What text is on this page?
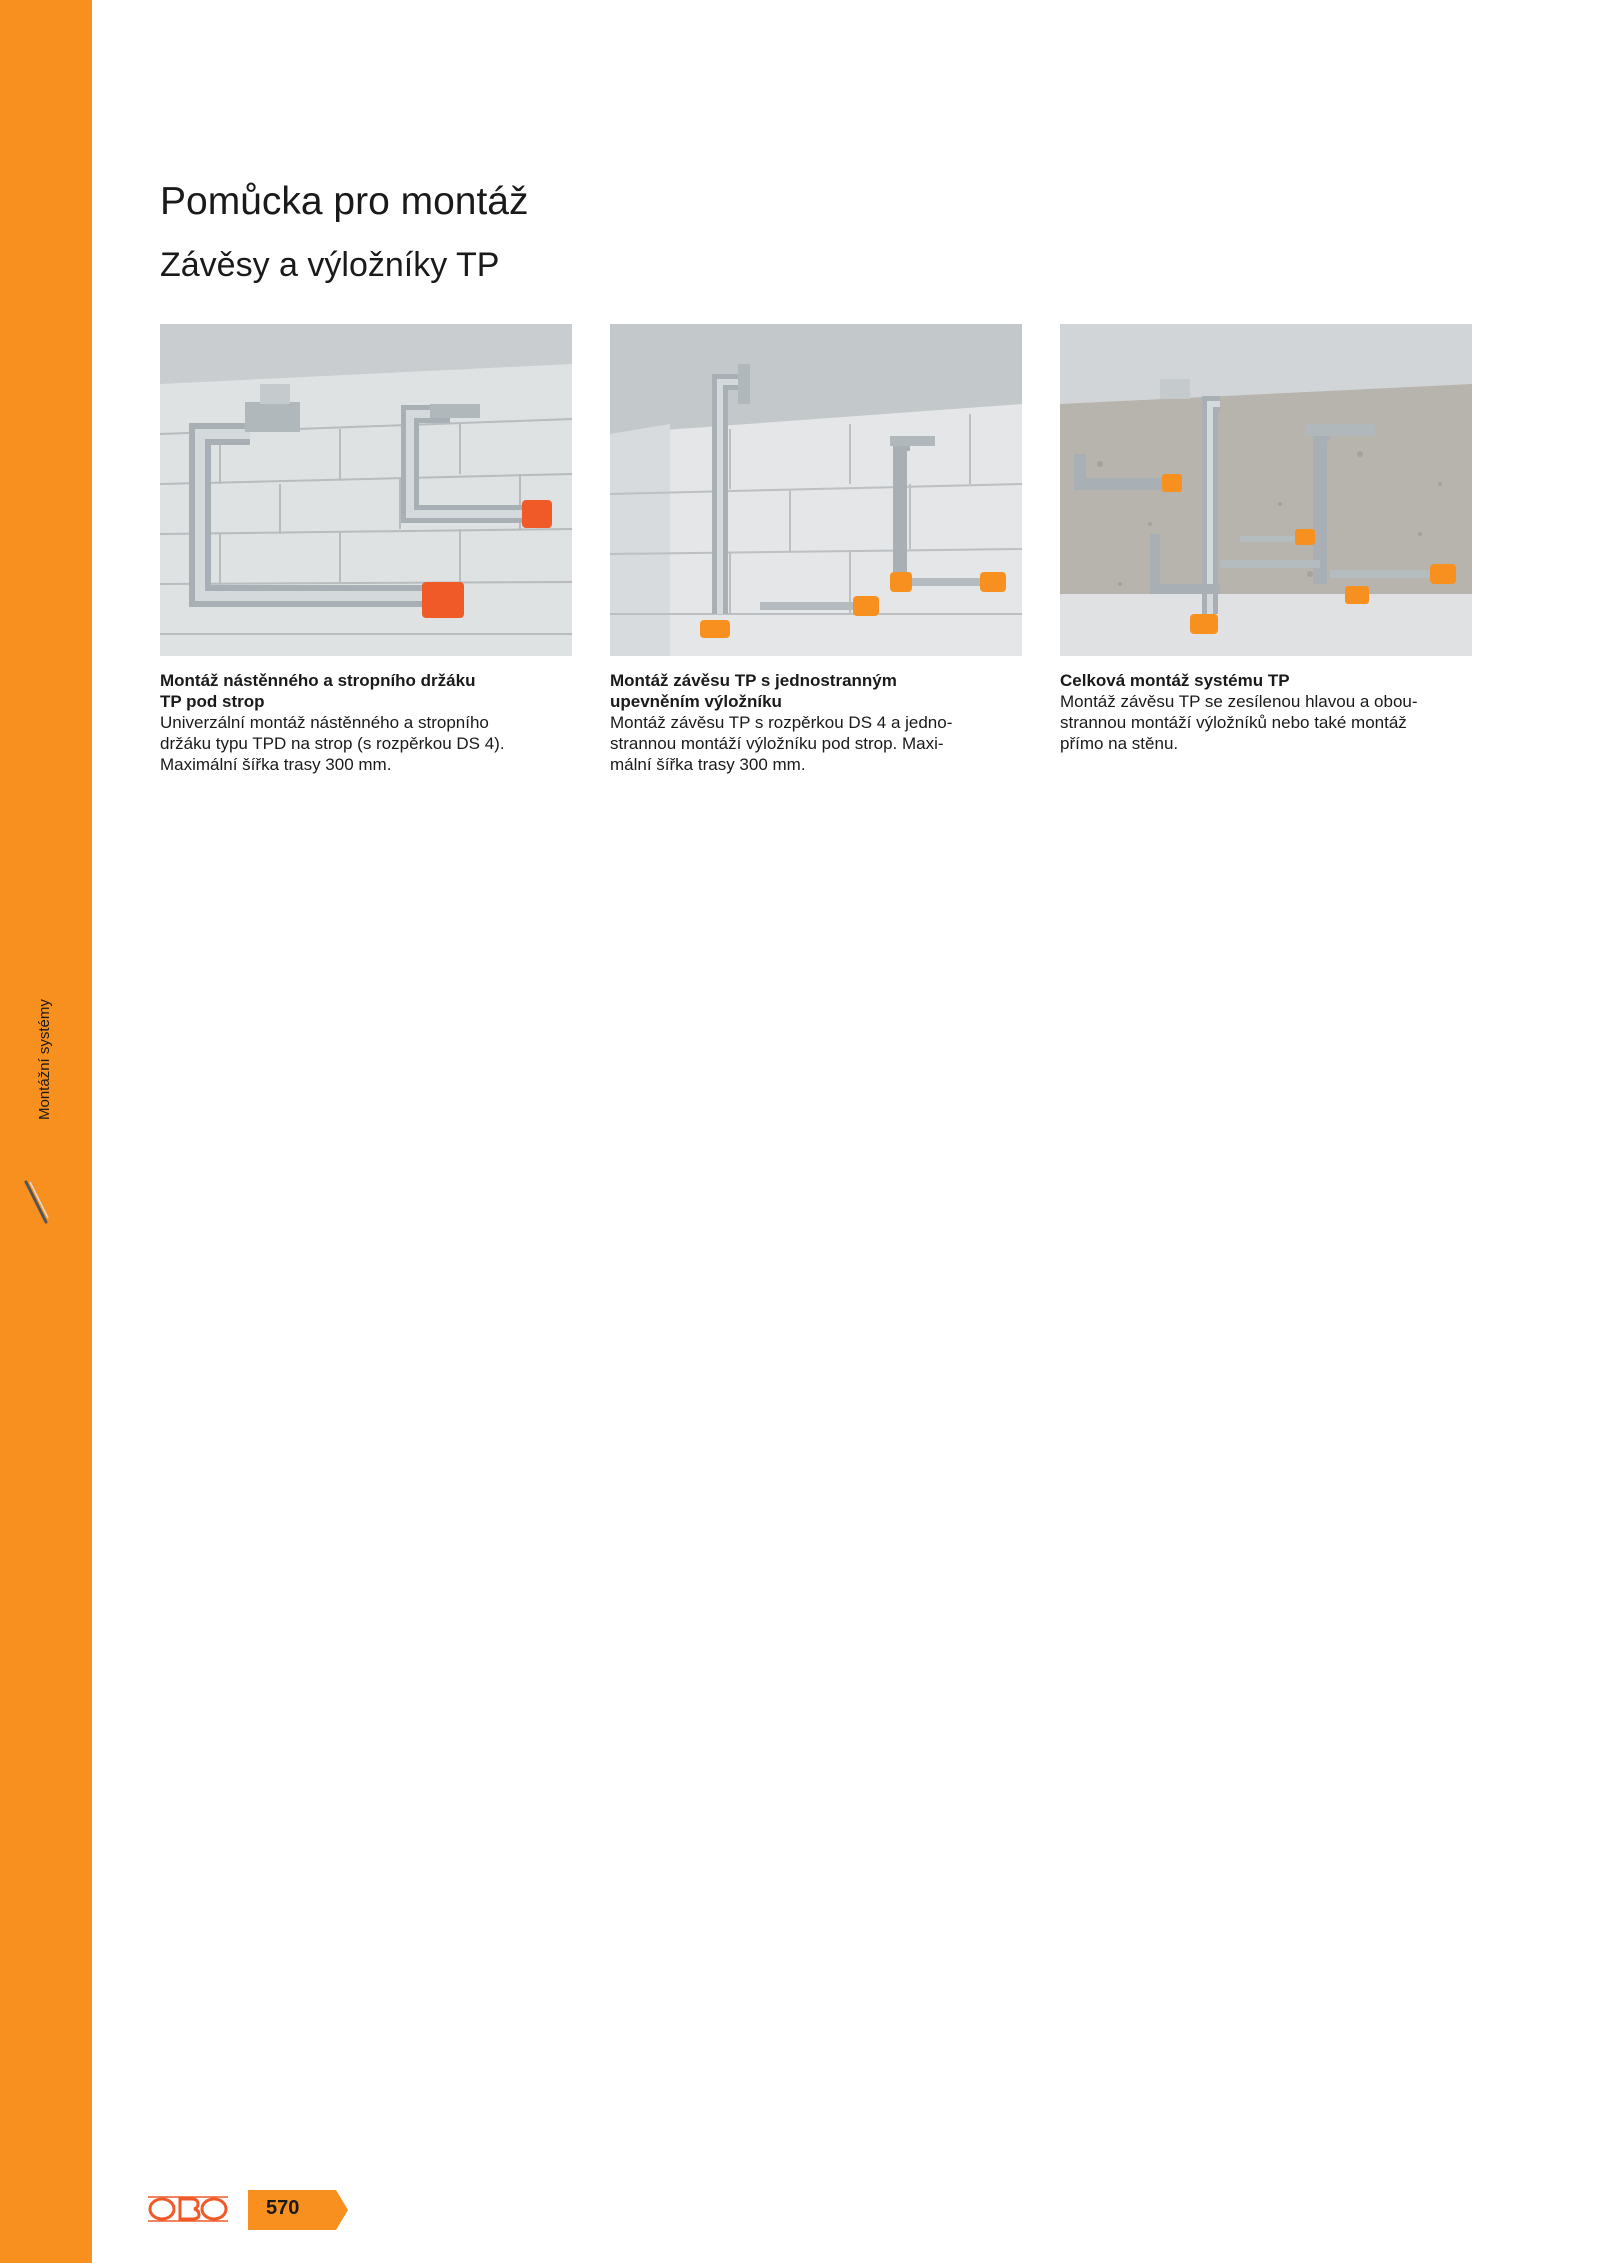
Montážní systémy
Pomůcka pro montáž
Závěsy a výložníky TP
Montáž nástěnného a stropního držáku
TP pod strop
Univerzální montáž nástěnného a stropního
držáku typu TPD na strop (s rozpěrkou DS 4).
Maximální šířka trasy 300 mm.
Montáž závěsu TP s jednostranným
upevněním výložníku
Montáž závěsu TP s rozpěrkou DS 4 a jedno-
strannou montáží výložníku pod strop. Maxi-
mální šířka trasy 300 mm.
Celková montáž systému TP
Montáž závěsu TP se zesílenou hlavou a obou-
strannou montáží výložníků nebo také montáž
přímo na stěnu.
570
